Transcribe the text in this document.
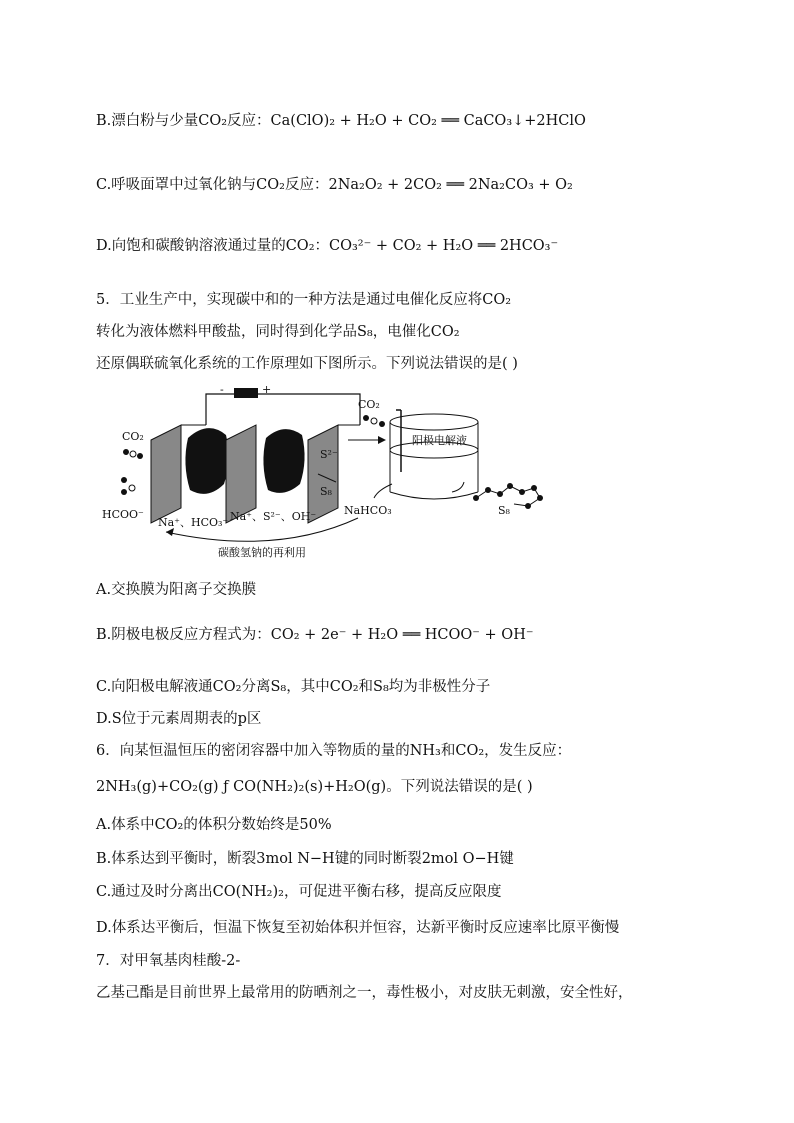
B.漂白粉与少量CO₂反应：Ca(ClO)₂ + H₂O + CO₂ ══ CaCO₃↓+2HClO
C.呼吸面罩中过氧化钠与CO₂反应：2Na₂O₂ + 2CO₂ ══ 2Na₂CO₃ + O₂
D.向饱和碳酸钠溶液通过量的CO₂：CO₃²⁻ + CO₂ + H₂O ══ 2HCO₃⁻
5．工业生产中，实现碳中和的一种方法是通过电催化反应将CO₂
转化为液体燃料甲酸盐，同时得到化学品S₈，电催化CO₂
还原偶联硫氧化系统的工作原理如下图所示。下列说法错误的是( )
-	+
CO₂
HCOO⁻
Na⁺、HCO₃⁻ Na⁺、S²⁻、OH⁻
S²⁻
S₈
阳极电解液
CO₂
NaHCO₃	S₈
碳酸氢钠的再利用
A.交换膜为阳离子交换膜
B.阴极电极反应方程式为：CO₂ + 2e⁻ + H₂O ══ HCOO⁻ + OH⁻
C.向阳极电解液通CO₂分离S₈，其中CO₂和S₈均为非极性分子
D.S位于元素周期表的p区
6．向某恒温恒压的密闭容器中加入等物质的量的NH₃和CO₂，发生反应：
2NH₃(g)+CO₂(g) ƒ CO(NH₂)₂(s)+H₂O(g)。下列说法错误的是( )
A.体系中CO₂的体积分数始终是50%
B.体系达到平衡时，断裂3mol N−H键的同时断裂2mol O−H键
C.通过及时分离出CO(NH₂)₂，可促进平衡右移，提高反应限度
D.体系达平衡后，恒温下恢复至初始体积并恒容，达新平衡时反应速率比原平衡慢
7．对甲氧基肉桂酸-2-
乙基己酯是目前世界上最常用的防晒剂之一，毒性极小，对皮肤无刺激，安全性好，
